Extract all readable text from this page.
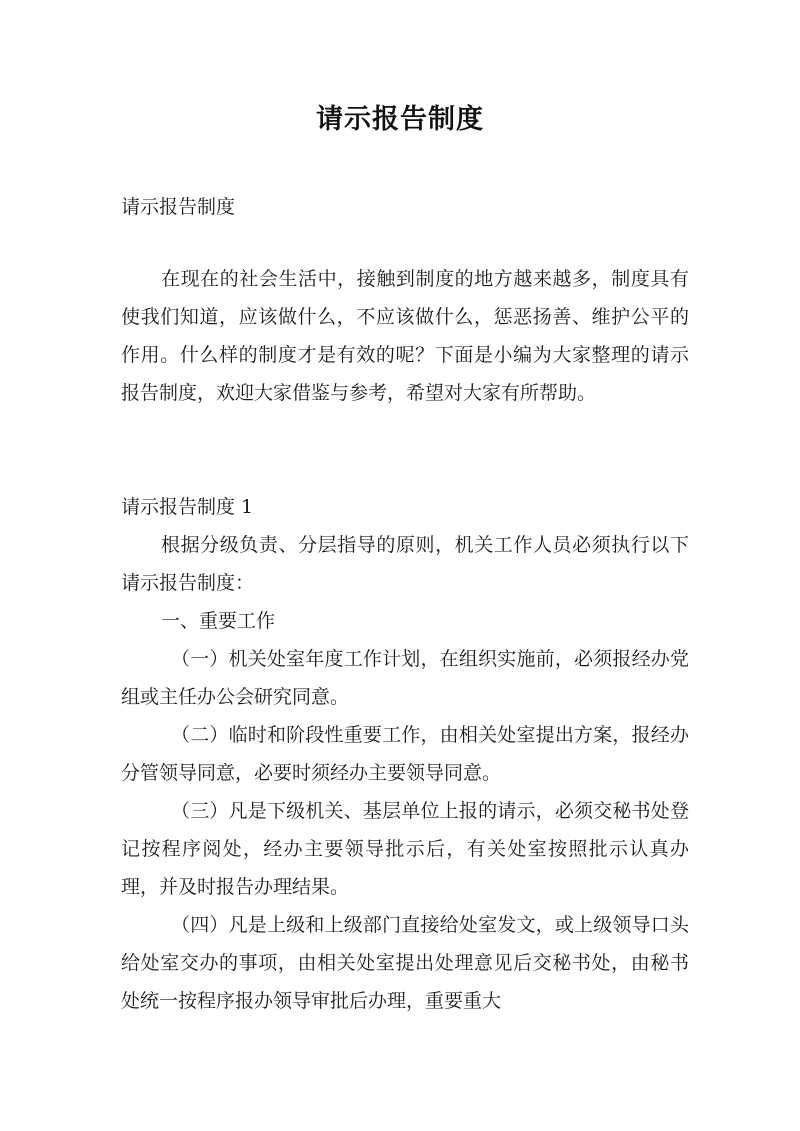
请示报告制度
请示报告制度
在现在的社会生活中，接触到制度的地方越来越多，制度具有使我们知道，应该做什么，不应该做什么，惩恶扬善、维护公平的作用。什么样的制度才是有效的呢？下面是小编为大家整理的请示报告制度，欢迎大家借鉴与参考，希望对大家有所帮助。

请示报告制度 1

根据分级负责、分层指导的原则，机关工作人员必须执行以下请示报告制度：

一、重要工作

（一）机关处室年度工作计划，在组织实施前，必须报经办党组或主任办公会研究同意。

（二）临时和阶段性重要工作，由相关处室提出方案，报经办分管领导同意，必要时须经办主要领导同意。

（三）凡是下级机关、基层单位上报的请示，必须交秘书处登记按程序阅处，经办主要领导批示后，有关处室按照批示认真办理，并及时报告办理结果。

（四）凡是上级和上级部门直接给处室发文，或上级领导口头给处室交办的事项，由相关处室提出处理意见后交秘书处，由秘书处统一按程序报办领导审批后办理，重要重大
